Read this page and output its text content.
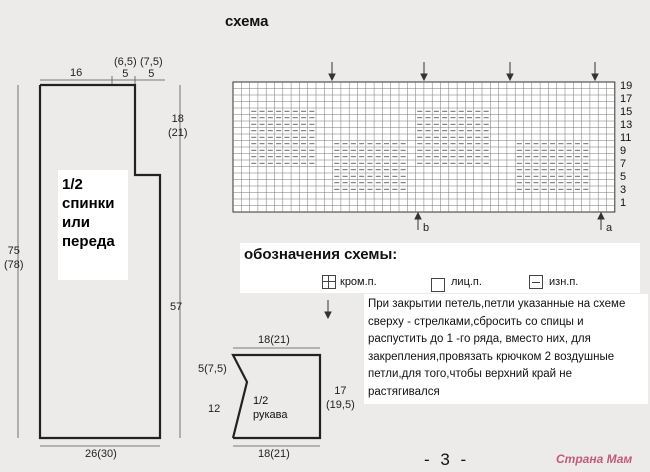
схема
1/2
спинки
или
переда
16
(6,5)
5
(7,5)
5
18
(21)
75
(78)
57
26(30)
1/2
рукава
18(21)
5(7,5)
12
17
(19,5)
18(21)
19
17
15
13
11
9
7
5
3
1
b	a
обозначения схемы:
кром.п.	лиц.п.	изн.п.
При закрытии петель,петли указанные на схеме сверху - стрелками,сбросить со спицы и распустить до 1 -го ряда, вместо них, для закрепления,провязать крючком 2 воздушные петли,для того,чтобы верхний край не растягивался
- 3 -	Страна Мам
